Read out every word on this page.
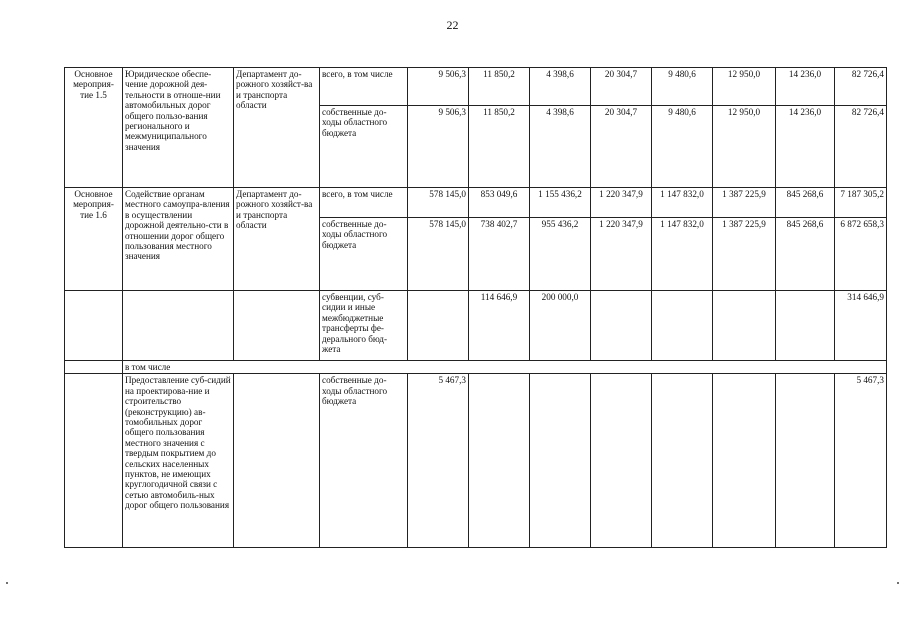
22
Основное мероприя-тие 1.5	Юридическое обеспе-чение дорожной дея-тельности в отноше-нии автомобильных дорог общего пользо-вания регионального и межмуниципального значения	Департамент до-рожного хозяйст-ва и транспорта области	всего, в том числе	9 506,3	11 850,2	4 398,6	20 304,7	9 480,6	12 950,0	14 236,0	82 726,4
			собственные до-ходы областного бюджета	9 506,3	11 850,2	4 398,6	20 304,7	9 480,6	12 950,0	14 236,0	82 726,4
Основное мероприя-тие 1.6	Содействие органам местного самоупра-вления в осуществлении дорожной деятельно-сти в отношении дорог общего пользования местного значения	Департамент до-рожного хозяйст-ва и транспорта области	всего, в том числе	578 145,0	853 049,6	1 155 436,2	1 220 347,9	1 147 832,0	1 387 225,9	845 268,6	7 187 305,2
			собственные до-ходы областного бюджета	578 145,0	738 402,7	955 436,2	1 220 347,9	1 147 832,0	1 387 225,9	845 268,6	6 872 658,3
			субвенции, суб-сидии и иные межбюджетные трансферты фе-дерального бюд-жета		114 646,9	200 000,0					314 646,9
	в том числе										
	Предоставление суб-сидий на проектирова-ние и строительство (реконструкцию) ав-томобильных дорог общего пользования местного значения с твердым покрытием до сельских населенных пунктов, не имеющих круглогодичной связи с сетью автомобиль-ных дорог общего пользования		собственные до-ходы областного бюджета	5 467,3							5 467,3
